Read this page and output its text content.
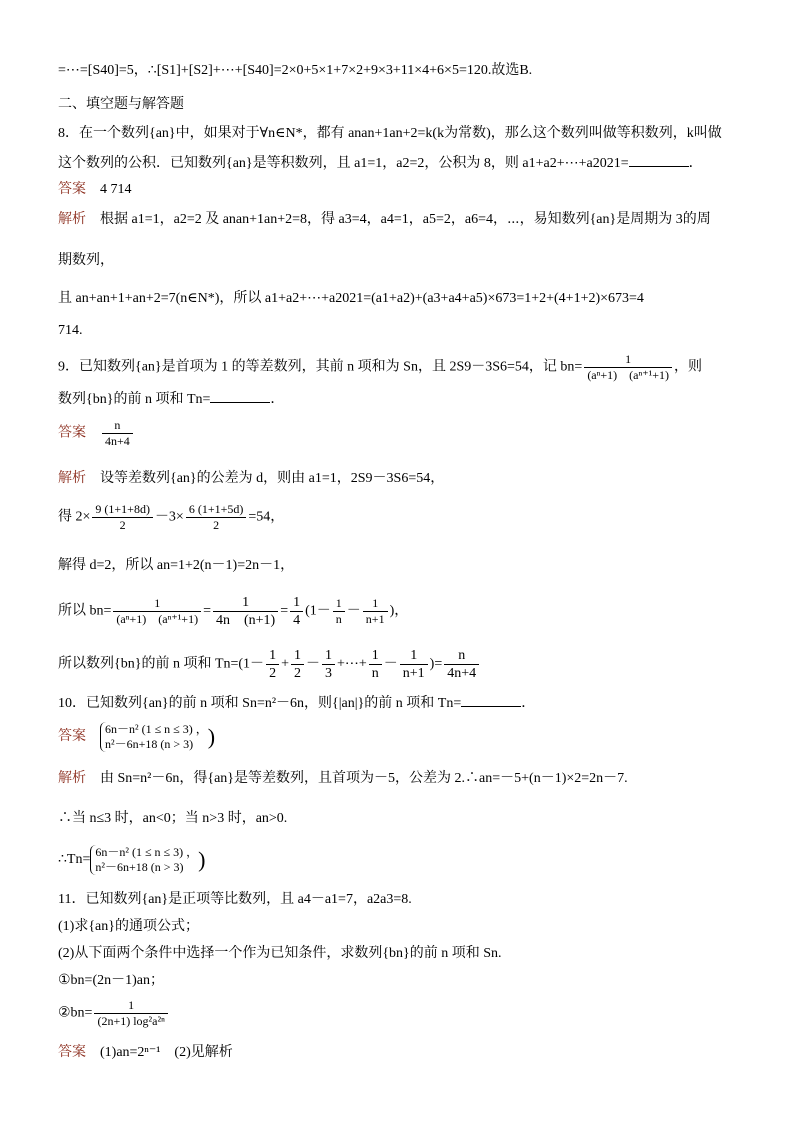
=⋯=[S40]=5，∴[S1]+[S2]+⋯+[S40]=2×0+5×1+7×2+9×3+11×4+6×5=120.故选B.
二、填空题与解答题
8．在一个数列{an}中，如果对于∀n∈N*，都有 anan+1an+2=k(k为常数)，那么这个数列叫做等积数列，k叫做
这个数列的公积．已知数列{an}是等积数列，且 a1=1，a2=2，公积为 8，则 a1+a2+⋯+a2021=	．
答案　 4 714
解析　 根据 a1=1，a2=2 及 anan+1an+2=8，得 a3=4，a4=1，a5=2，a6=4，⋯，易知数列{an}是周期为 3的周
期数列，
且 an+an+1+an+2=7(n∈N*)，所以 a1+a2+⋯+a2021=(a1+a2)+(a3+a4+a5)×673=1+2+(4+1+2)×673=4
714.
9．已知数列{an}是首项为 1 的等差数列，其前 n 项和为 Sn，且 2S9－3S6=54，记 $bn= \frac{1}{\text{(aⁿ+1)　(aⁿ⁺¹+1)}}$ ，则
数列{bn}的前 n 项和 Tn=	．
答案　 $\frac{n}{4n+4}$
解析　 设等差数列{an}的公差为 d，则由 a1=1，2S9－3S6=54，
得 $2\times \frac{9 (1+1+8d)}{2} -3\times \frac{6 (1+1+5d)}{2} =54$，
解得 d=2，所以 an=1+2(n－1)=2n－1，
所以 $bn= \frac{1}{\text{(aⁿ+1)　(aⁿ⁺¹+1)}} = \frac{1}{4n (n+1)} = \frac{1}{4} (1- \frac{1}{n} - \frac{1}{n+1}$ )，
所以数列{bn}的前 n 项和 $Tn=(1- \frac{1}{2} + \frac{1}{2} - \frac{1}{3}$ +⋯+ $\frac{1}{n} - \frac{1}{n+1}$ )= $\frac{n}{4n+4}$
10．已知数列{an}的前 n 项和 Sn=n²－6n，则{|an|}的前 n 项和 Tn=	．
答案　 6n－n² (1 ≤ n ≤ 3) ，
n²－6n+18 (n > 3) )
解析　 由 Sn=n²－6n，得{an}是等差数列，且首项为－5，公差为 2.∴an=－5+(n－1)×2=2n－7.
∴当 n≤3 时，an<0；当 n>3 时，an>0.
∴Tn=
6n－n² (1 ≤ n ≤ 3) ，
n²－6n+18 (n > 3) )
11．已知数列{an}是正项等比数列，且 a4－a1=7，a2a3=8.
(1)求{an}的通项公式；
(2)从下面两个条件中选择一个作为已知条件，求数列{bn}的前 n 项和 Sn.
①bn=(2n－1)an；
②bn= $\frac{1}{\text{(2n+1) log²a²ⁿ}}$
答案　 (1)an=2ⁿ⁻¹　(2)见解析
